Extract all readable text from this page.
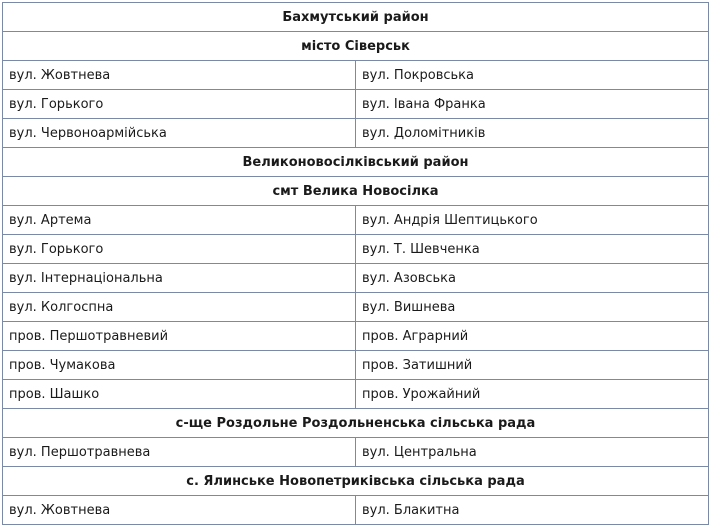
Бахмутський район	
місто Сіверськ	
вул. Жовтнева	вул. Покровська
вул. Горького	вул. Івана Франка
вул. Червоноармійська	вул. Доломітників
Великоновосілківський район	
смт Велика Новосілка	
вул. Артема	вул. Андрія Шептицького
вул. Горького	вул. Т. Шевченка
вул. Інтернаціональна	вул. Азовська
вул. Колгоспна	вул. Вишнева
пров. Першотравневий	пров. Аграрний
пров. Чумакова	пров. Затишний
пров. Шашко	пров. Урожайний
с-ще Роздольне Роздольненська сільська рада	
вул. Першотравнева	вул. Центральна
с. Ялинське Новопетриківська сільська рада	
вул. Жовтнева	вул. Блакитна
